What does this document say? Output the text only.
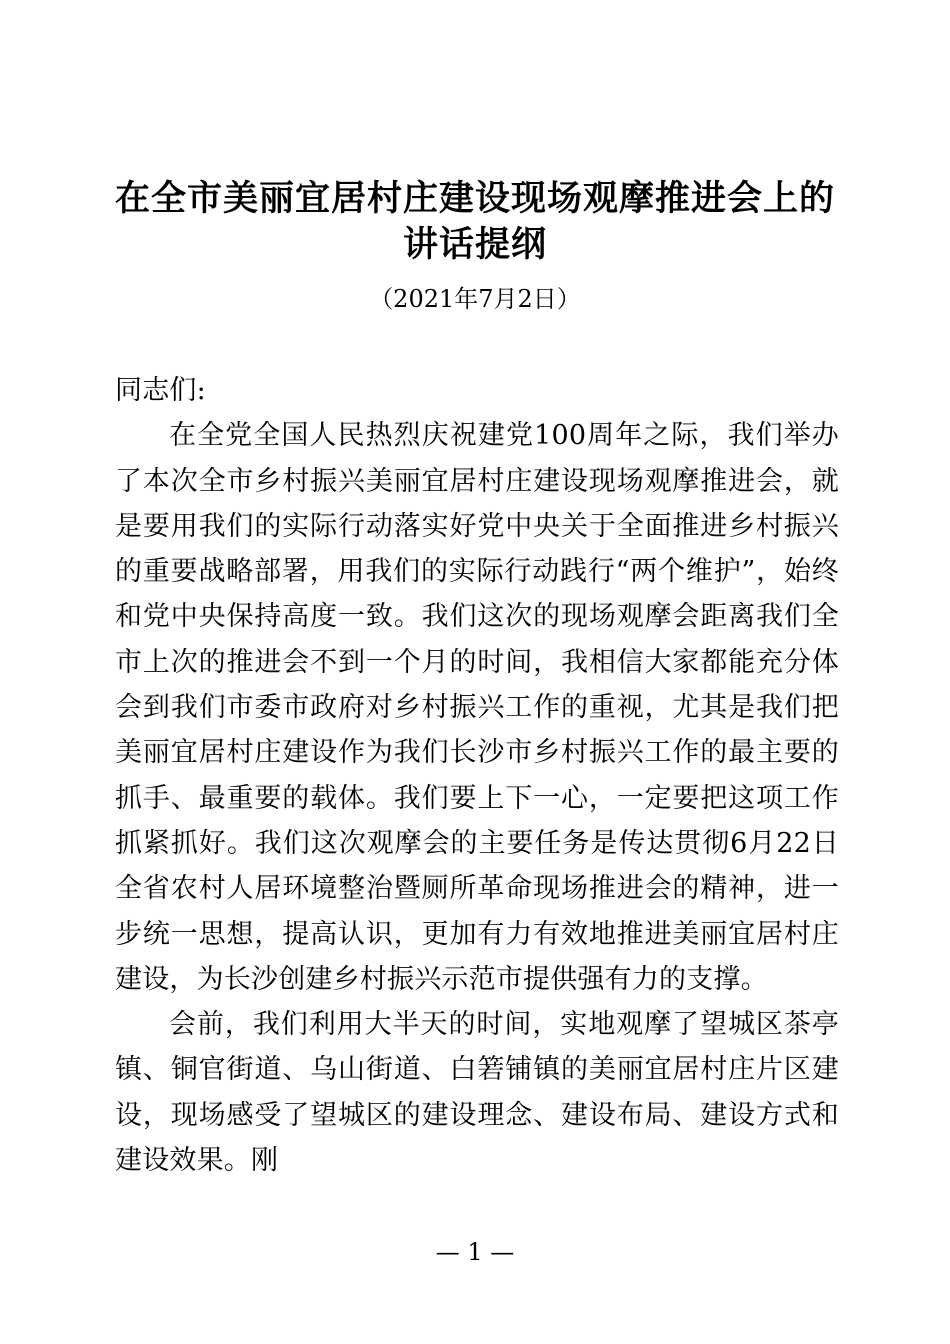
在全市美丽宜居村庄建设现场观摩推进会上的
讲话提纲
（2021年7月2日）

同志们:

在全党全国人民热烈庆祝建党100周年之际，我们举办了本次全市乡村振兴美丽宜居村庄建设现场观摩推进会，就是要用我们的实际行动落实好党中央关于全面推进乡村振兴的重要战略部署，用我们的实际行动践行“两个维护”，始终和党中央保持高度一致。我们这次的现场观摩会距离我们全市上次的推进会不到一个月的时间，我相信大家都能充分体会到我们市委市政府对乡村振兴工作的重视，尤其是我们把美丽宜居村庄建设作为我们长沙市乡村振兴工作的最主要的抓手、最重要的载体。我们要上下一心，一定要把这项工作抓紧抓好。我们这次观摩会的主要任务是传达贯彻6月22日全省农村人居环境整治暨厕所革命现场推进会的精神，进一步统一思想，提高认识，更加有力有效地推进美丽宜居村庄建设，为长沙创建乡村振兴示范市提供强有力的支撑。

会前，我们利用大半天的时间，实地观摩了望城区茶亭镇、铜官街道、乌山街道、白箬铺镇的美丽宜居村庄片区建设，现场感受了望城区的建设理念、建设布局、建设方式和建设效果。刚

— 1 —
